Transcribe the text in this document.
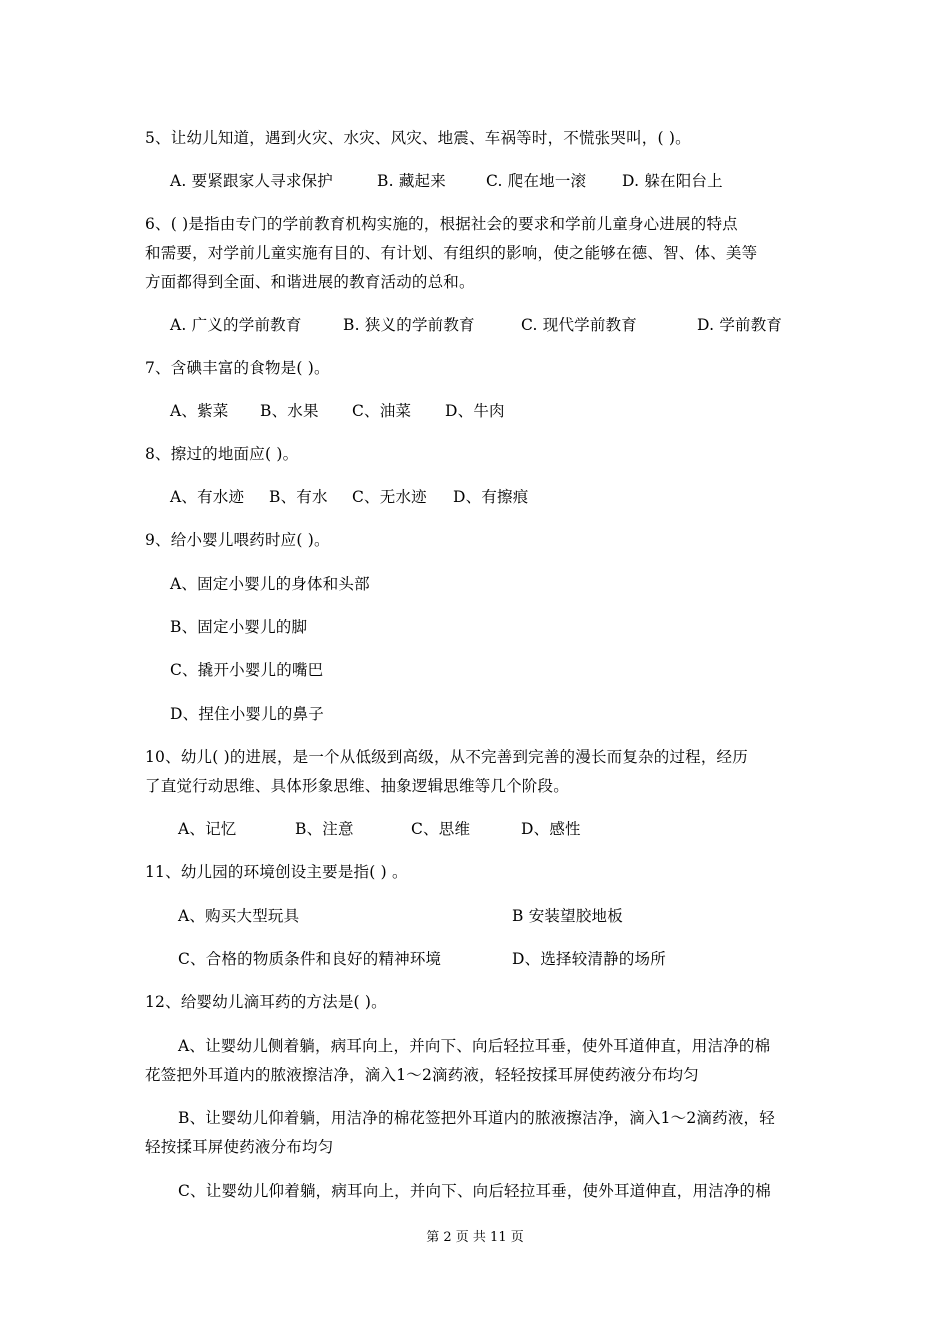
5、让幼儿知道，遇到火灾、水灾、风灾、地震、车祸等时，不慌张哭叫，( )。
A. 要紧跟家人寻求保护	B. 藏起来	C. 爬在地一滚 D. 躲在阳台上
6、( )是指由专门的学前教育机构实施的，根据社会的要求和学前儿童身心进展的特点
和需要，对学前儿童实施有目的、有计划、有组织的影响，使之能够在德、智、体、美等
方面都得到全面、和谐进展的教育活动的总和。
A. 广义的学前教育	B. 狭义的学前教育	C. 现代学前教育	D. 学前教育
7、含碘丰富的食物是( )。
A、紫菜 B、水果 C、油菜 D、牛肉
8、擦过的地面应( )。
A、有水迹 B、有水 C、无水迹 D、有擦痕
9、给小婴儿喂药时应( )。
A、固定小婴儿的身体和头部
B、固定小婴儿的脚
C、撬开小婴儿的嘴巴
D、捏住小婴儿的鼻子
10、幼儿( )的进展，是一个从低级到高级，从不完善到完善的漫长而复杂的过程，经历
了直觉行动思维、具体形象思维、抽象逻辑思维等几个阶段。
A、记忆	B、注意	C、思维	D、感性
11、幼儿园的环境创设主要是指( ) 。
A、购买大型玩具	B 安装望胶地板
C、合格的物质条件和良好的精神环境	D、选择较清静的场所
12、给婴幼儿滴耳药的方法是( )。
A、让婴幼儿侧着躺，病耳向上，并向下、向后轻拉耳垂，使外耳道伸直，用洁净的棉
花签把外耳道内的脓液擦洁净，滴入1～2滴药液，轻轻按揉耳屏使药液分布均匀
B、让婴幼儿仰着躺，用洁净的棉花签把外耳道内的脓液擦洁净，滴入1～2滴药液，轻
轻按揉耳屏使药液分布均匀
C、让婴幼儿仰着躺，病耳向上，并向下、向后轻拉耳垂，使外耳道伸直，用洁净的棉
第 2 页 共 11 页
